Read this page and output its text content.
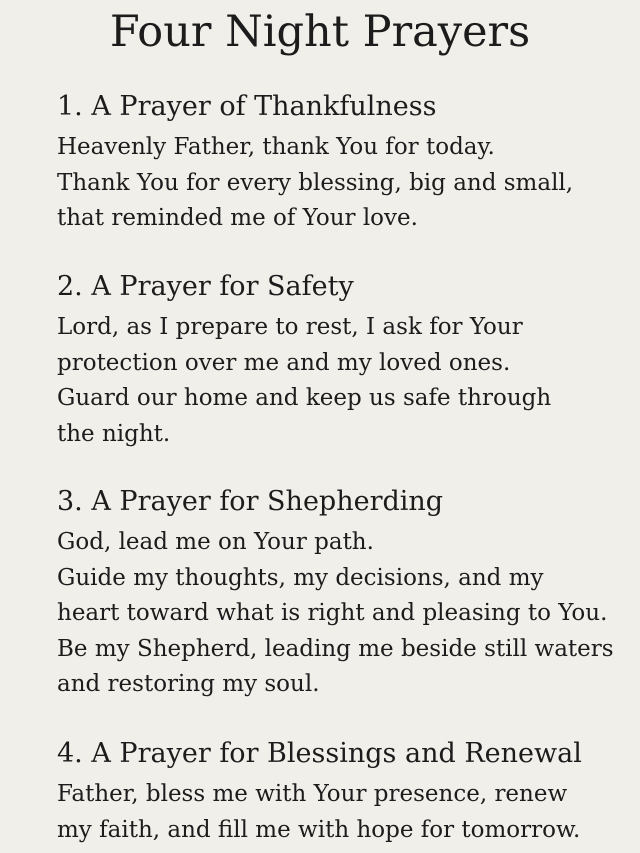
Four Night Prayers
1. A Prayer of Thankfulness
Heavenly Father, thank You for today.
Thank You for every blessing, big and small,
that reminded me of Your love.
2. A Prayer for Safety
Lord, as I prepare to rest, I ask for Your
protection over me and my loved ones.
Guard our home and keep us safe through
the night.
3. A Prayer for Shepherding
God, lead me on Your path.
Guide my thoughts, my decisions, and my
heart toward what is right and pleasing to You.
Be my Shepherd, leading me beside still waters
and restoring my soul.
4. A Prayer for Blessings and Renewal
Father, bless me with Your presence, renew
my faith, and fill me with hope for tomorrow.
